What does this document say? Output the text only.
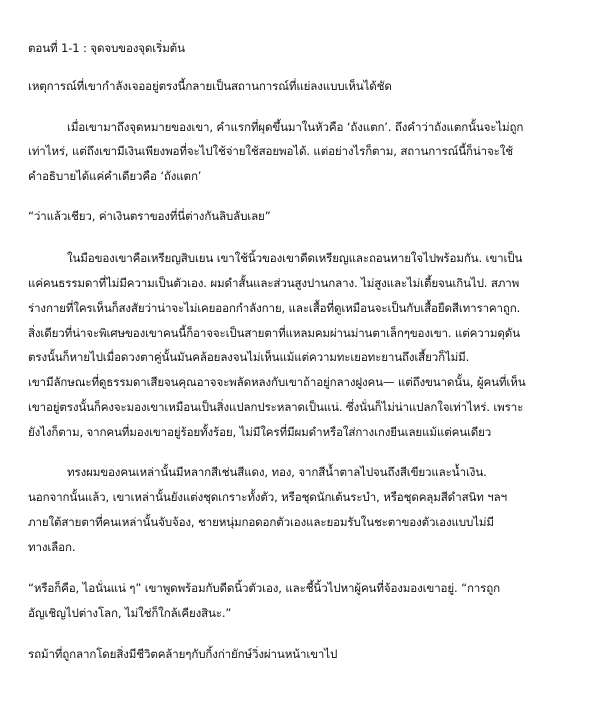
ตอนที่ 1-1 : จุดจบของจุดเริ่มต้น
เหตุการณ์ที่เขากำลังเจออยู่ตรงนี้กลายเป็นสถานการณ์ที่แย่ลงแบบเห็นได้ชัด
เมื่อเขามาถึงจุดหมายของเขา, คำแรกที่ผุดขึ้นมาในหัวคือ ‘ถังแตก’. ถึงคำว่าถังแตกนั้นจะไม่ถูก
เท่าไหร่, แต่ถึงเขามีเงินเพียงพอที่จะไปใช้จ่ายใช้สอยพอได้. แต่อย่างไรก็ตาม, สถานการณ์นี้ก็น่าจะใช้
คำอธิบายได้แค่คำเดียวคือ ‘ถังแตก’
“ว่าแล้วเชียว, ค่าเงินตราของที่นี่ต่างกันลิบลับเลย”
ในมือของเขาคือเหรียญสิบเยน เขาใช้นิ้วของเขาดีดเหรียญและถอนหายใจไปพร้อมกัน. เขาเป็น
แค่คนธรรมดาที่ไม่มีความเป็นตัวเอง. ผมดำสั้นและส่วนสูงปานกลาง. ไม่สูงและไม่เตี้ยจนเกินไป. สภาพ
ร่างกายที่ใครเห็นก็สงสัยว่าน่าจะไม่เคยออกกำลังกาย, และเสื้อที่ดูเหมือนจะเป็นกับเสื้อยืดสีเทาราคาถูก.
สิ่งเดียวที่น่าจะพิเศษของเขาคนนี้ก็อาจจะเป็นสายตาที่แหลมคมผ่านม่านตาเล็กๆของเขา. แต่ความดุดัน
ตรงนั้นก็หายไปเมื่อดวงตาคู่นั้นมันคล้อยลงจนไม่เห็นแม้แต่ความทะเยอทะยานถึงเสี้ยวก็ไม่มี.
เขามีลักษณะที่ดูธรรมดาเสียจนคุณอาจจะพลัดหลงกับเขาถ้าอยู่กลางฝูงคน— แต่ถึงขนาดนั้น, ผู้คนที่เห็น
เขาอยู่ตรงนั้นก็คงจะมองเขาเหมือนเป็นสิ่งแปลกประหลาดเป็นแน่. ซึ่งนั่นก็ไม่น่าแปลกใจเท่าไหร่. เพราะ
ยังไงก็ตาม, จากคนที่มองเขาอยู่ร้อยทั้งร้อย, ไม่มีใครที่มีผมดำหรือใส่กางเกงยีนเลยแม้แต่คนเดียว
ทรงผมของคนเหล่านั้นมีหลากสีเช่นสีแดง, ทอง, จากสีน้ำตาลไปจนถึงสีเขียวและน้ำเงิน.
นอกจากนั้นแล้ว, เขาเหล่านั้นยังแต่งชุดเกราะทั้งตัว, หรือชุดนักเต้นระบำ, หรือชุดคลุมสีดำสนิท ฯลฯ
ภายใต้สายตาที่คนเหล่านั้นจับจ้อง, ชายหนุ่มกอดอกตัวเองและยอมรับในชะตาของตัวเองแบบไม่มี
ทางเลือก.
“หรือก็คือ, ไอนั่นแน่ ๆ” เขาพูดพร้อมกับดีดนิ้วตัวเอง, และชี้นิ้วไปหาผู้คนที่จ้องมองเขาอยู่. “การถูก
อัญเชิญไปต่างโลก, ไม่ใช่ก็ใกล้เคียงสินะ.”
รถม้าที่ถูกลากโดยสิ่งมีชีวิตคล้ายๆกับกิ้งก่ายักษ์วิ่งผ่านหน้าเขาไป
